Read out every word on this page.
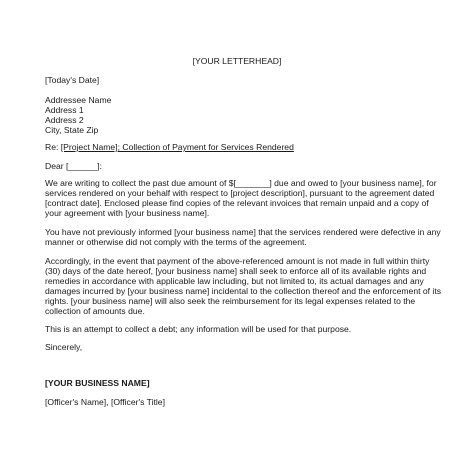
[YOUR LETTERHEAD]
[Today's Date]
Addressee Name
Address 1
Address 2
City, State Zip
Re: [Project Name]; Collection of Payment for Services Rendered
Dear [______]:
We are writing to collect the past due amount of $[_______] due and owed to [your business name], for
services rendered on your behalf with respect to [project description], pursuant to the agreement dated
[contract date]. Enclosed please find copies of the relevant invoices that remain unpaid and a copy of
your agreement with [your business name].
You have not previously informed [your business name] that the services rendered were defective in any
manner or otherwise did not comply with the terms of the agreement.
Accordingly, in the event that payment of the above-referenced amount is not made in full within thirty
(30) days of the date hereof, [your business name] shall seek to enforce all of its available rights and
remedies in accordance with applicable law including, but not limited to, its actual damages and any
damages incurred by [your business name] incidental to the collection thereof and the enforcement of its
rights. [your business name] will also seek the reimbursement for its legal expenses related to the
collection of amounts due.
This is an attempt to collect a debt; any information will be used for that purpose.
Sincerely,
[YOUR BUSINESS NAME]
[Officer's Name], [Officer's Title]
